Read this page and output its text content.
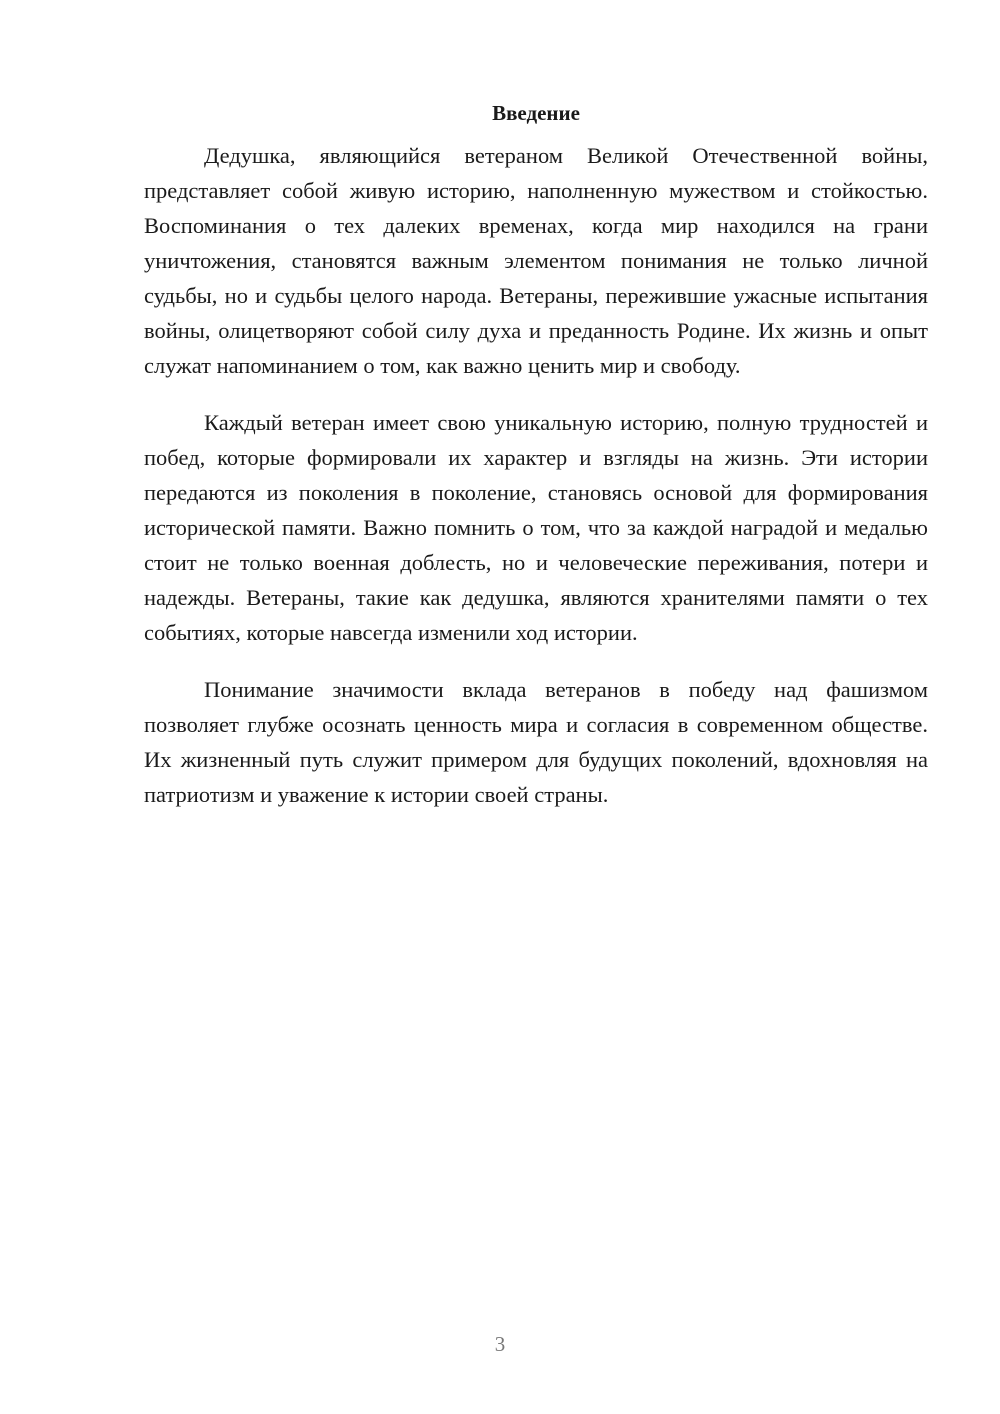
Введение

Дедушка, являющийся ветераном Великой Отечественной войны, представляет собой живую историю, наполненную мужеством и стойкостью. Воспоминания о тех далеких временах, когда мир находился на грани уничтожения, становятся важным элементом понимания не только личной судьбы, но и судьбы целого народа. Ветераны, пережившие ужасные испытания войны, олицетворяют собой силу духа и преданность Родине. Их жизнь и опыт служат напоминанием о том, как важно ценить мир и свободу.

Каждый ветеран имеет свою уникальную историю, полную трудностей и побед, которые формировали их характер и взгляды на жизнь. Эти истории передаются из поколения в поколение, становясь основой для формирования исторической памяти. Важно помнить о том, что за каждой наградой и медалью стоит не только военная доблесть, но и человеческие переживания, потери и надежды. Ветераны, такие как дедушка, являются хранителями памяти о тех событиях, которые навсегда изменили ход истории.

Понимание значимости вклада ветеранов в победу над фашизмом позволяет глубже осознать ценность мира и согласия в современном обществе. Их жизненный путь служит примером для будущих поколений, вдохновляя на патриотизм и уважение к истории своей страны.

3
